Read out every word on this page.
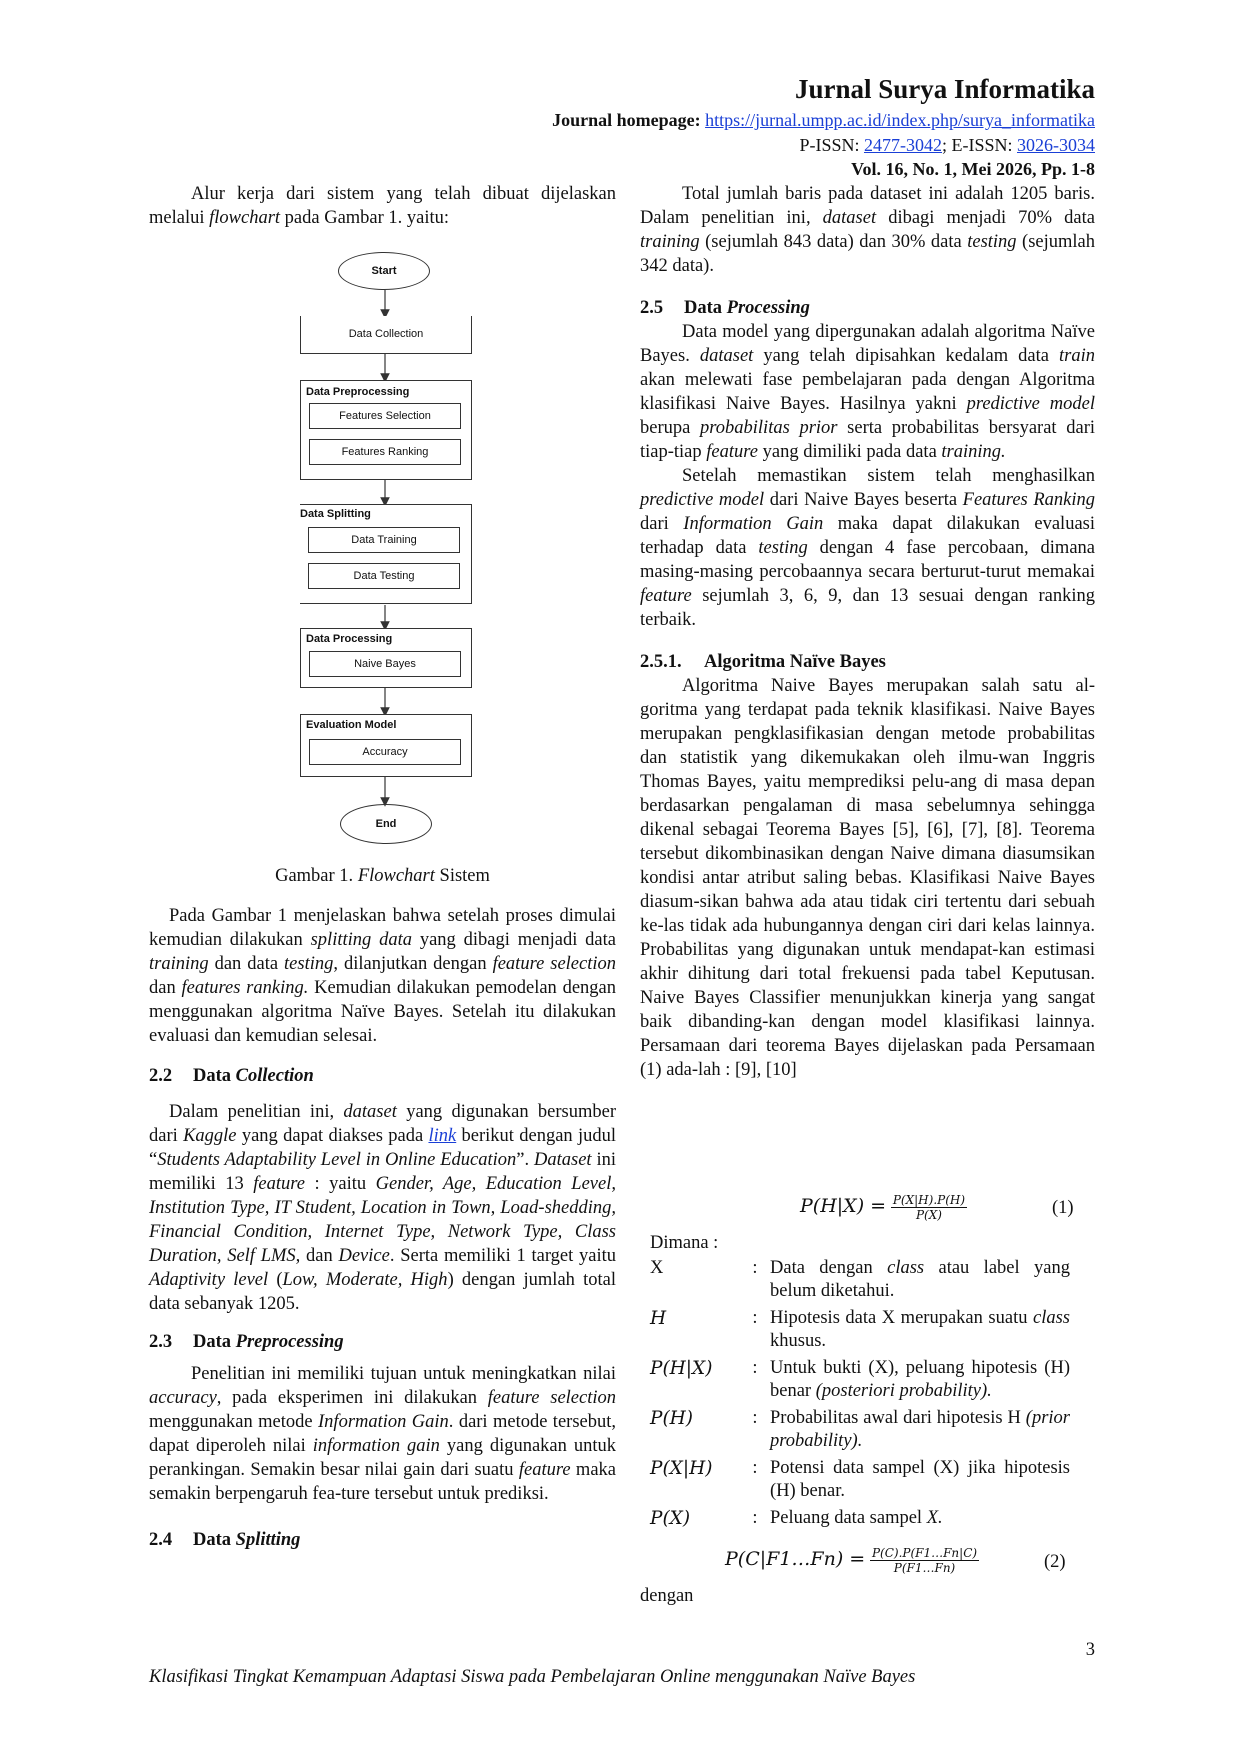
Jurnal Surya Informatika
Journal homepage: https://jurnal.umpp.ac.id/index.php/surya_informatika
P-ISSN: 2477-3042; E-ISSN: 3026-3034
Vol. 16, No. 1, Mei 2026, Pp. 1-8

Alur kerja dari sistem yang telah dibuat dijelaskan melalui flowchart pada Gambar 1. yaitu:

Start
Data Collection
Data Preprocessing
Features Selection
Features Ranking
Data Splitting
Data Training
Data Testing
Data Processing
Naive Bayes
Evaluation Model
Accuracy
End

Gambar 1. Flowchart Sistem

Pada Gambar 1 menjelaskan bahwa setelah proses dimulai kemudian dilakukan splitting data yang dibagi menjadi data training dan data testing, dilanjutkan dengan feature selection dan features ranking. Kemudian dilakukan pemodelan dengan menggunakan algoritma Naïve Bayes. Setelah itu dilakukan evaluasi dan kemudian selesai.

2.2 Data Collection

Dalam penelitian ini, dataset yang digunakan bersumber dari Kaggle yang dapat diakses pada link berikut dengan judul “Students Adaptability Level in Online Education”. Dataset ini memiliki 13 feature : yaitu Gender, Age, Education Level, Institution Type, IT Student, Location in Town, Load-shedding, Financial Condition, Internet Type, Network Type, Class Duration, Self LMS, dan Device. Serta memiliki 1 target yaitu Adaptivity level (Low, Moderate, High) dengan jumlah total data sebanyak 1205.

2.3 Data Preprocessing

Penelitian ini memiliki tujuan untuk meningkatkan nilai accuracy, pada eksperimen ini dilakukan feature selection menggunakan metode Information Gain. dari metode tersebut, dapat diperoleh nilai information gain yang digunakan untuk perankingan. Semakin besar nilai gain dari suatu feature maka semakin berpengaruh fea-ture tersebut untuk prediksi.

2.4 Data Splitting

Total jumlah baris pada dataset ini adalah 1205 baris. Dalam penelitian ini, dataset dibagi menjadi 70% data training (sejumlah 843 data) dan 30% data testing (sejumlah 342 data).

2.5 Data Processing

Data model yang dipergunakan adalah algoritma Naïve Bayes. dataset yang telah dipisahkan kedalam data train akan melewati fase pembelajaran pada dengan Algoritma klasifikasi Naive Bayes. Hasilnya yakni predictive model berupa probabilitas prior serta probabilitas bersyarat dari tiap-tiap feature yang dimiliki pada data training.

Setelah memastikan sistem telah menghasilkan predictive model dari Naive Bayes beserta Features Ranking dari Information Gain maka dapat dilakukan evaluasi terhadap data testing dengan 4 fase percobaan, dimana masing-masing percobaannya secara berturut-turut memakai feature sejumlah 3, 6, 9, dan 13 sesuai dengan ranking terbaik.

2.5.1. Algoritma Naïve Bayes

Algoritma Naive Bayes merupakan salah satu al-goritma yang terdapat pada teknik klasifikasi. Naive Bayes merupakan pengklasifikasian dengan metode probabilitas dan statistik yang dikemukakan oleh ilmu-wan Inggris Thomas Bayes, yaitu memprediksi pelu-ang di masa depan berdasarkan pengalaman di masa sebelumnya sehingga dikenal sebagai Teorema Bayes [5], [6], [7], [8]. Teorema tersebut dikombinasikan dengan Naive dimana diasumsikan kondisi antar atribut saling bebas. Klasifikasi Naive Bayes diasum-sikan bahwa ada atau tidak ciri tertentu dari sebuah ke-las tidak ada hubungannya dengan ciri dari kelas lainnya. Probabilitas yang digunakan untuk mendapat-kan estimasi akhir dihitung dari total frekuensi pada tabel Keputusan. Naive Bayes Classifier menunjukkan kinerja yang sangat baik dibanding-kan dengan model klasifikasi lainnya. Persamaan dari teorema Bayes dijelaskan pada Persamaan (1) ada-lah : [9], [10]

$P(H|X) = \frac{P(X|H).P(H)}{P(X)}$	(1)
Dimana :
X	: Data dengan class atau label yang belum diketahui.
H	: Hipotesis data X merupakan suatu class khusus.
P(H|X)	: Untuk bukti (X), peluang hipotesis (H) benar (posteriori probability).
P(H)	: Probabilitas awal dari hipotesis H (prior probability).
P(X|H)	: Potensi data sampel (X) jika hipotesis (H) benar.
P(X)	: Peluang data sampel X.
P(C|F1…Fn) = $\frac{P(C).P(F1\dots Fn|C)}{P(F1\dots Fn)}$	(2)
dengan
3
Klasifikasi Tingkat Kemampuan Adaptasi Siswa pada Pembelajaran Online menggunakan Naïve Bayes
